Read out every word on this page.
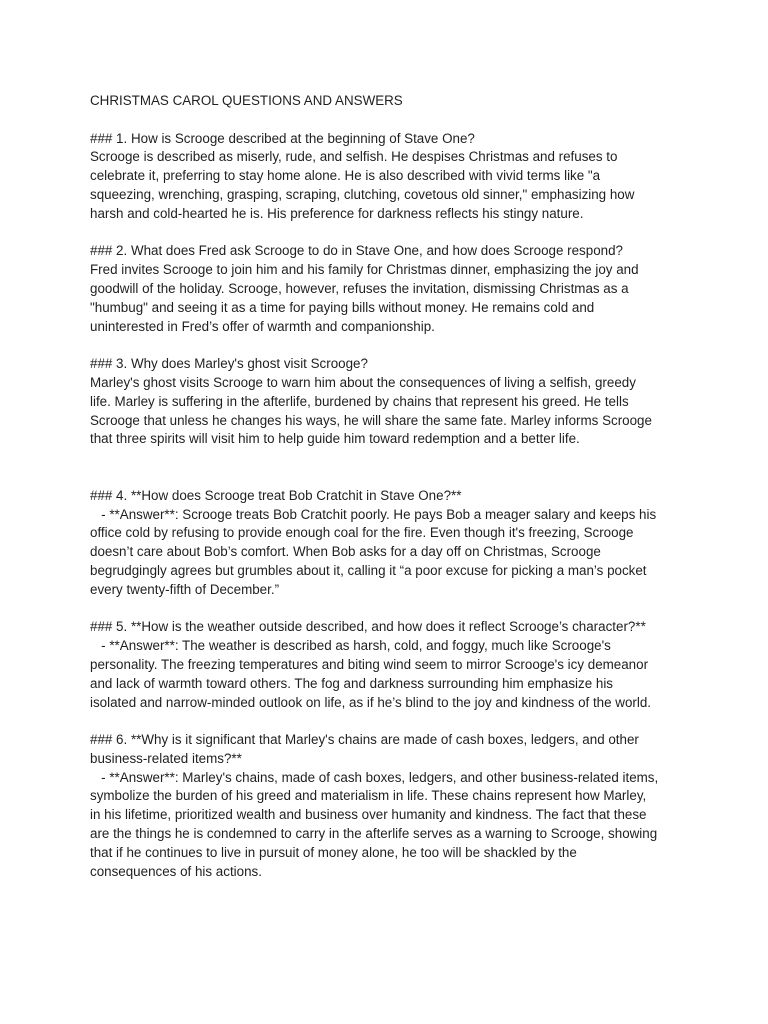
CHRISTMAS CAROL QUESTIONS AND ANSWERS
### 1. How is Scrooge described at the beginning of Stave One?
Scrooge is described as miserly, rude, and selfish. He despises Christmas and refuses to
celebrate it, preferring to stay home alone. He is also described with vivid terms like "a
squeezing, wrenching, grasping, scraping, clutching, covetous old sinner," emphasizing how
harsh and cold-hearted he is. His preference for darkness reflects his stingy nature.
### 2. What does Fred ask Scrooge to do in Stave One, and how does Scrooge respond?
Fred invites Scrooge to join him and his family for Christmas dinner, emphasizing the joy and
goodwill of the holiday. Scrooge, however, refuses the invitation, dismissing Christmas as a
"humbug" and seeing it as a time for paying bills without money. He remains cold and
uninterested in Fred’s offer of warmth and companionship.
### 3. Why does Marley's ghost visit Scrooge?
Marley's ghost visits Scrooge to warn him about the consequences of living a selfish, greedy
life. Marley is suffering in the afterlife, burdened by chains that represent his greed. He tells
Scrooge that unless he changes his ways, he will share the same fate. Marley informs Scrooge
that three spirits will visit him to help guide him toward redemption and a better life.
### 4. **How does Scrooge treat Bob Cratchit in Stave One?**
- **Answer**: Scrooge treats Bob Cratchit poorly. He pays Bob a meager salary and keeps his
office cold by refusing to provide enough coal for the fire. Even though it's freezing, Scrooge
doesn’t care about Bob’s comfort. When Bob asks for a day off on Christmas, Scrooge
begrudgingly agrees but grumbles about it, calling it “a poor excuse for picking a man’s pocket
every twenty-fifth of December.”
### 5. **How is the weather outside described, and how does it reflect Scrooge’s character?**
- **Answer**: The weather is described as harsh, cold, and foggy, much like Scrooge's
personality. The freezing temperatures and biting wind seem to mirror Scrooge's icy demeanor
and lack of warmth toward others. The fog and darkness surrounding him emphasize his
isolated and narrow-minded outlook on life, as if he’s blind to the joy and kindness of the world.
### 6. **Why is it significant that Marley's chains are made of cash boxes, ledgers, and other
business-related items?**
- **Answer**: Marley's chains, made of cash boxes, ledgers, and other business-related items,
symbolize the burden of his greed and materialism in life. These chains represent how Marley,
in his lifetime, prioritized wealth and business over humanity and kindness. The fact that these
are the things he is condemned to carry in the afterlife serves as a warning to Scrooge, showing
that if he continues to live in pursuit of money alone, he too will be shackled by the
consequences of his actions.
